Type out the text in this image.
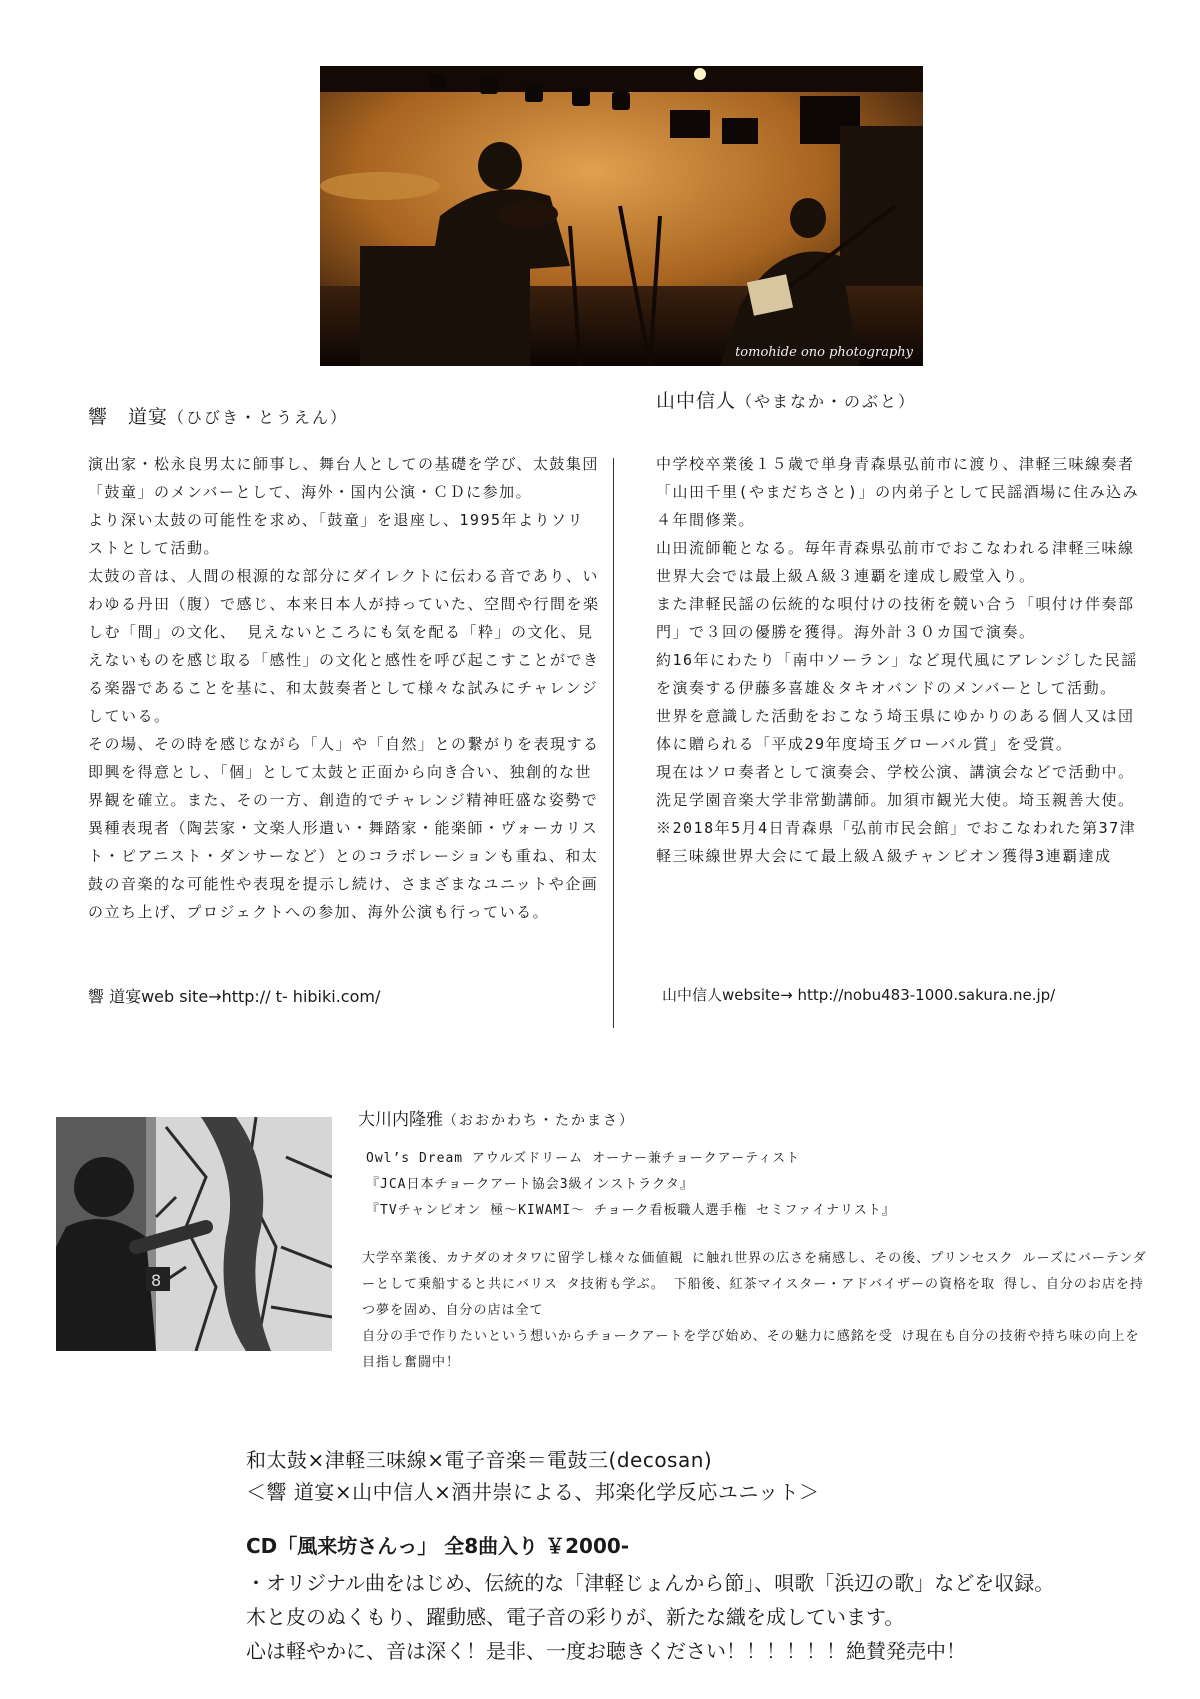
tomohide ono photography
響　道宴（ひびき・とうえん）
山中信人（やまなか・のぶと）

演出家・松永良男太に師事し、舞台人としての基礎を学び、太鼓集団「鼓童」のメンバーとして、海外・国内公演・ＣＤに参加。

より深い太鼓の可能性を求め、「鼓童」を退座し、1995年よりソリストとして活動。

太鼓の音は、人間の根源的な部分にダイレクトに伝わる音であり、いわゆる丹田（腹）で感じ、本来日本人が持っていた、空間や行間を楽しむ「間」の文化、 見えないところにも気を配る「粋」の文化、見えないものを感じ取る「感性」の文化と感性を呼び起こすことができる楽器であることを基に、和太鼓奏者として様々な試みにチャレンジしている。

その場、その時を感じながら「人」や「自然」との繋がりを表現する即興を得意とし、「個」として太鼓と正面から向き合い、独創的な世界観を確立。また、その一方、創造的でチャレンジ精神旺盛な姿勢で 異種表現者（陶芸家・文楽人形遣い・舞踏家・能楽師・ヴォーカリスト・ピアニスト・ダンサーなど）とのコラボレーションも重ね、和太鼓の音楽的な可能性や表現を提示し続け、さまざまなユニットや企画の立ち上げ、プロジェクトへの参加、海外公演も行っている。

中学校卒業後１５歳で単身青森県弘前市に渡り、津軽三味線奏者「山田千里(やまだちさと)」の内弟子として民謡酒場に住み込み４年間修業。

山田流師範となる。毎年青森県弘前市でおこなわれる津軽三味線世界大会では最上級Ａ級３連覇を達成し殿堂入り。

また津軽民謡の伝統的な唄付けの技術を競い合う「唄付け伴奏部門」で３回の優勝を獲得。海外計３０カ国で演奏。

約16年にわたり「南中ソーラン」など現代風にアレンジした民謡を演奏する伊藤多喜雄＆タキオバンドのメンバーとして活動。

世界を意識した活動をおこなう埼玉県にゆかりのある個人又は団体に贈られる「平成29年度埼玉グローバル賞」を受賞。

現在はソロ奏者として演奏会、学校公演、講演会などで活動中。洗足学園音楽大学非常勤講師。加須市観光大使。埼玉親善大使。

※2018年5月4日青森県「弘前市民会館」でおこなわれた第37津軽三味線世界大会にて最上級Ａ級チャンピオン獲得3連覇達成

響 道宴web site→http:// t- hibiki.com/	山中信人website→ http://nobu483-1000.sakura.ne.jp/
8
大川内隆雅（おおかわち・たかまさ）

Owl’s Dream アウルズドリーム オーナー兼チョークアーティスト

『JCA日本チョークアート協会3級インストラクタ』

『TVチャンピオン 極～KIWAMI～ チョーク看板職人選手権 セミファイナリスト』

大学卒業後、カナダのオタワに留学し様々な価値観 に触れ世界の広さを痛感し、その後、プリンセスク ルーズにバーテンダーとして乗船すると共にバリス タ技術も学ぶ。 下船後、紅茶マイスター・アドバイザーの資格を取 得し、自分のお店を持つ夢を固め、自分の店は全て

自分の手で作りたいという想いからチョークアートを学び始め、その魅力に感銘を受 け現在も自分の技術や持ち味の向上を目指し奮闘中！

和太鼓×津軽三味線×電子音楽＝電鼓三(decosan)
＜響 道宴×山中信人×酒井崇による、邦楽化学反応ユニット＞
CD「風来坊さんっ」 全8曲入り ￥2000-

・オリジナル曲をはじめ、伝統的な「津軽じょんから節」、唄歌「浜辺の歌」などを収録。

木と皮のぬくもり、躍動感、電子音の彩りが、新たな織を成しています。

心は軽やかに、音は深く！是非、一度お聴きください！！！！！！絶賛発売中！
